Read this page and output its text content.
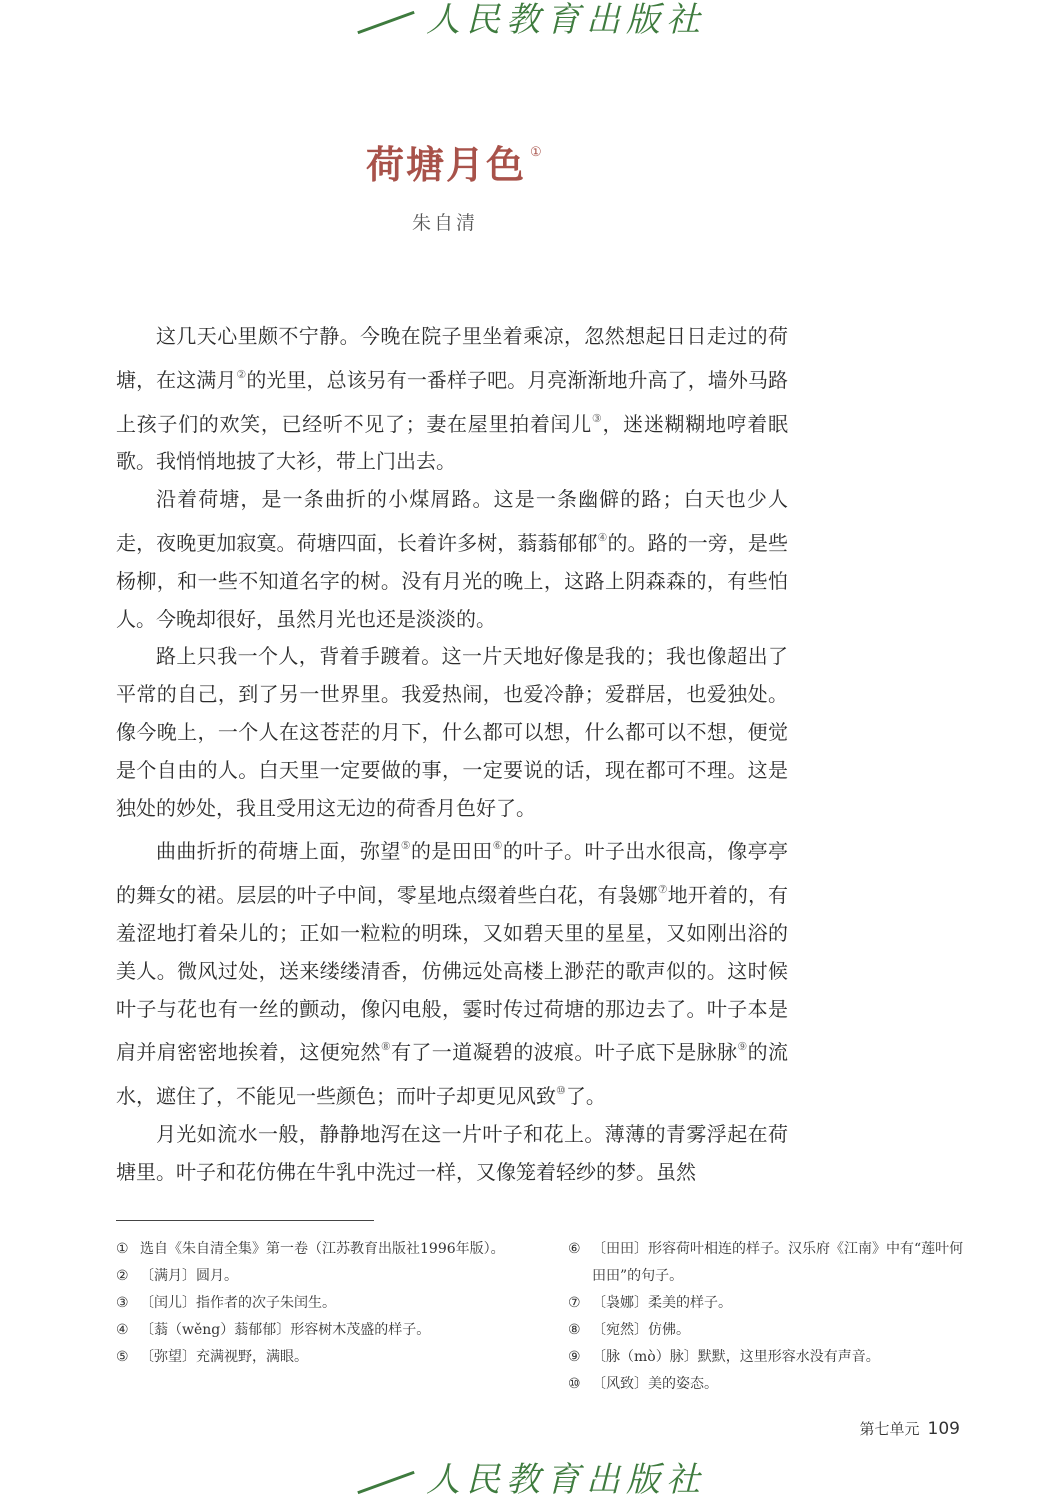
人民教育出版社
荷塘月色 ①
朱自清

这几天心里颇不宁静。今晚在院子里坐着乘凉，忽然想起日日走过的荷塘，在这满月②的光里，总该另有一番样子吧。月亮渐渐地升高了，墙外马路上孩子们的欢笑，已经听不见了；妻在屋里拍着闰儿③，迷迷糊糊地哼着眠歌。我悄悄地披了大衫，带上门出去。

沿着荷塘，是一条曲折的小煤屑路。这是一条幽僻的路；白天也少人走，夜晚更加寂寞。荷塘四面，长着许多树，蓊蓊郁郁④的。路的一旁，是些杨柳，和一些不知道名字的树。没有月光的晚上，这路上阴森森的，有些怕人。今晚却很好，虽然月光也还是淡淡的。

路上只我一个人，背着手踱着。这一片天地好像是我的；我也像超出了平常的自己，到了另一世界里。我爱热闹，也爱冷静；爱群居，也爱独处。像今晚上，一个人在这苍茫的月下，什么都可以想，什么都可以不想，便觉是个自由的人。白天里一定要做的事，一定要说的话，现在都可不理。这是独处的妙处，我且受用这无边的荷香月色好了。

曲曲折折的荷塘上面，弥望⑤的是田田⑥的叶子。叶子出水很高，像亭亭的舞女的裙。层层的叶子中间，零星地点缀着些白花，有袅娜⑦地开着的，有羞涩地打着朵儿的；正如一粒粒的明珠，又如碧天里的星星，又如刚出浴的美人。微风过处，送来缕缕清香，仿佛远处高楼上渺茫的歌声似的。这时候叶子与花也有一丝的颤动，像闪电般，霎时传过荷塘的那边去了。叶子本是肩并肩密密地挨着，这便宛然⑧有了一道凝碧的波痕。叶子底下是脉脉⑨的流水，遮住了，不能见一些颜色；而叶子却更见风致⑩了。

月光如流水一般，静静地泻在这一片叶子和花上。薄薄的青雾浮起在荷塘里。叶子和花仿佛在牛乳中洗过一样，又像笼着轻纱的梦。虽然

① 选自《朱自清全集》第一卷（江苏教育出版社1996年版）。
② 〔满月〕圆月。
③ 〔闰儿〕指作者的次子朱闰生。
④ 〔蓊（wěng）蓊郁郁〕形容树木茂盛的样子。
⑤ 〔弥望〕充满视野，满眼。
⑥ 〔田田〕形容荷叶相连的样子。汉乐府《江南》中有“莲叶何田田”的句子。
⑦ 〔袅娜〕柔美的样子。
⑧ 〔宛然〕仿佛。
⑨ 〔脉（mò）脉〕默默，这里形容水没有声音。
⑩ 〔风致〕美的姿态。
第七单元 109
人民教育出版社
